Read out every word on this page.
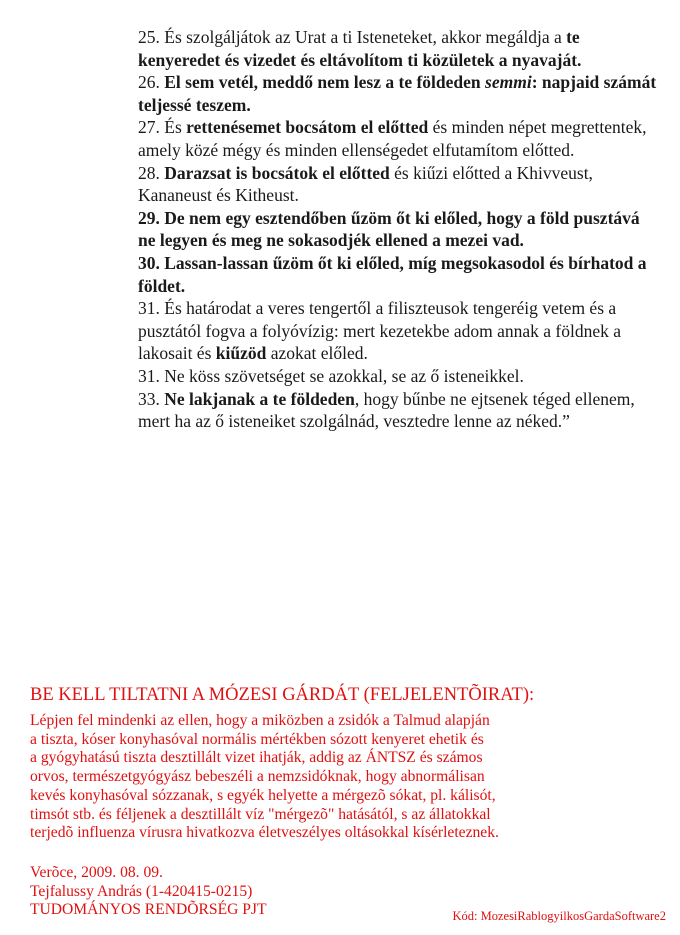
25. És szolgáljátok az Urat a ti Isteneteket, akkor megáldja a te kenyeredet és vizedet és eltávolítom ti közületek a nyavaját.

26. El sem vetél, meddő nem lesz a te földeden semmi: napjaid számát teljessé teszem.

27. És rettenésemet bocsátom el előtted és minden népet megrettentek, amely közé mégy és minden ellenségedet elfutamítom előtted.

28. Darazsat is bocsátok el előtted és kiűzi előtted a Khivveust, Kananeust és Kitheust.

29. De nem egy esztendőben űzöm őt ki előled, hogy a föld pusztává ne legyen és meg ne sokasodjék ellened a mezei vad.

30. Lassan-lassan űzöm őt ki előled, míg megsokasodol és bírhatod a földet.

31. És határodat a veres tengertől a filiszteusok tengeréig vetem és a pusztától fogva a folyóvízig: mert kezetekbe adom annak a földnek a lakosait és kiűzöd azokat előled.

31. Ne köss szövetséget se azokkal, se az ő isteneikkel.

33. Ne lakjanak a te földeden, hogy bűnbe ne ejtsenek téged ellenem, mert ha az ő isteneiket szolgálnád, vesztedre lenne az néked.”

BE KELL TILTATNI A MÓZESI GÁRDÁT (FELJELENTÕIRAT):
Lépjen fel mindenki az ellen, hogy a miközben a zsidók a Talmud alapján
a tiszta, kóser konyhasóval normális mértékben sózott kenyeret ehetik és
a gyógyhatású tiszta desztillált vizet ihatják, addig az ÁNTSZ és számos
orvos, természetgyógyász bebeszéli a nemzsidóknak, hogy abnormálisan
kevés konyhasóval sózzanak, s egyék helyette a mérgezõ sókat, pl. kálisót,
timsót stb. és féljenek a desztillált víz "mérgezõ" hatásától, s az állatokkal
terjedõ influenza vírusra hivatkozva életveszélyes oltásokkal kísérleteznek.
Verõce, 2009. 08. 09.
Tejfalussy András (1-420415-0215)
TUDOMÁNYOS RENDÕRSÉG PJT	Kód: MozesiRablogyilkosGardaSoftware2
